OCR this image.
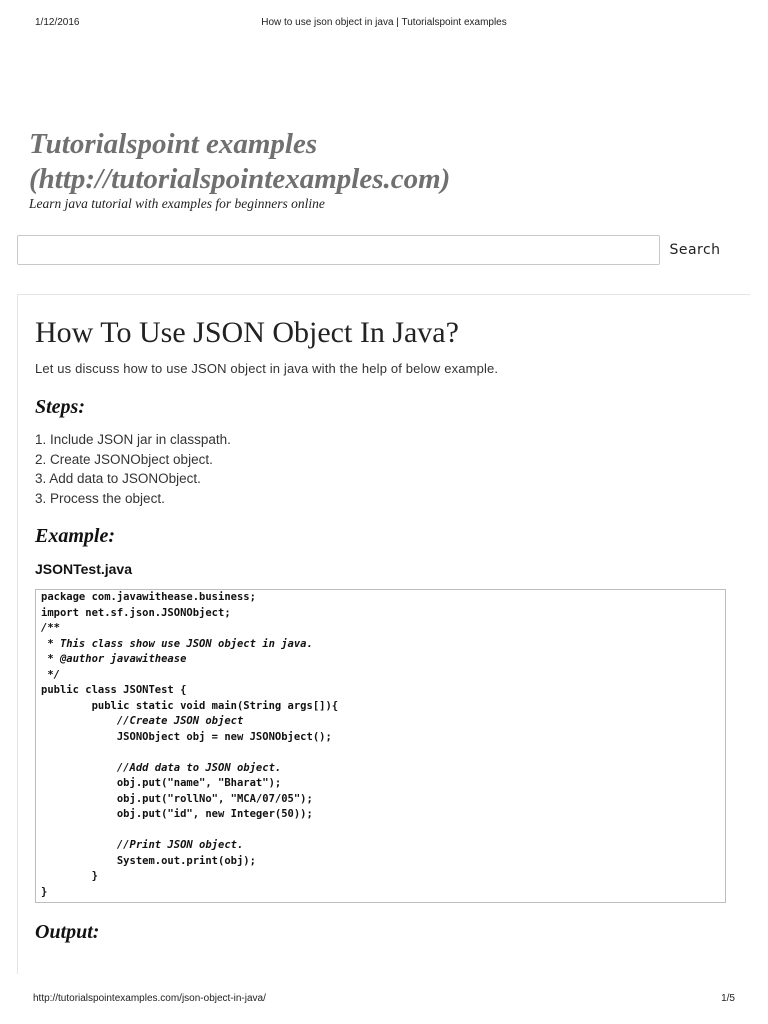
1/12/2016	How to use json object in java | Tutorialspoint examples
Tutorialspoint examples
(http://tutorialspointexamples.com)
Learn java tutorial with examples for beginners online
Search
How To Use JSON Object In Java?

Let us discuss how to use JSON object in java with the help of below example.

Steps:
1. Include JSON jar in classpath.
2. Create JSONObject object.
3. Add data to JSONObject.
3. Process the object.
Example:

JSONTest.java

package com.javawithease.business;
import net.sf.json.JSONObject;
/**
* This class show use JSON object in java.
* @author javawithease
*/
public class JSONTest {
public static void main(String args[]){
//Create JSON object
JSONObject obj = new JSONObject();
//Add data to JSON object.
obj.put("name", "Bharat");
obj.put("rollNo", "MCA/07/05");
obj.put("id", new Integer(50));
//Print JSON object.
System.out.print(obj);
}
}
Output:
http://tutorialspointexamples.com/json-object-in-java/	1/5
